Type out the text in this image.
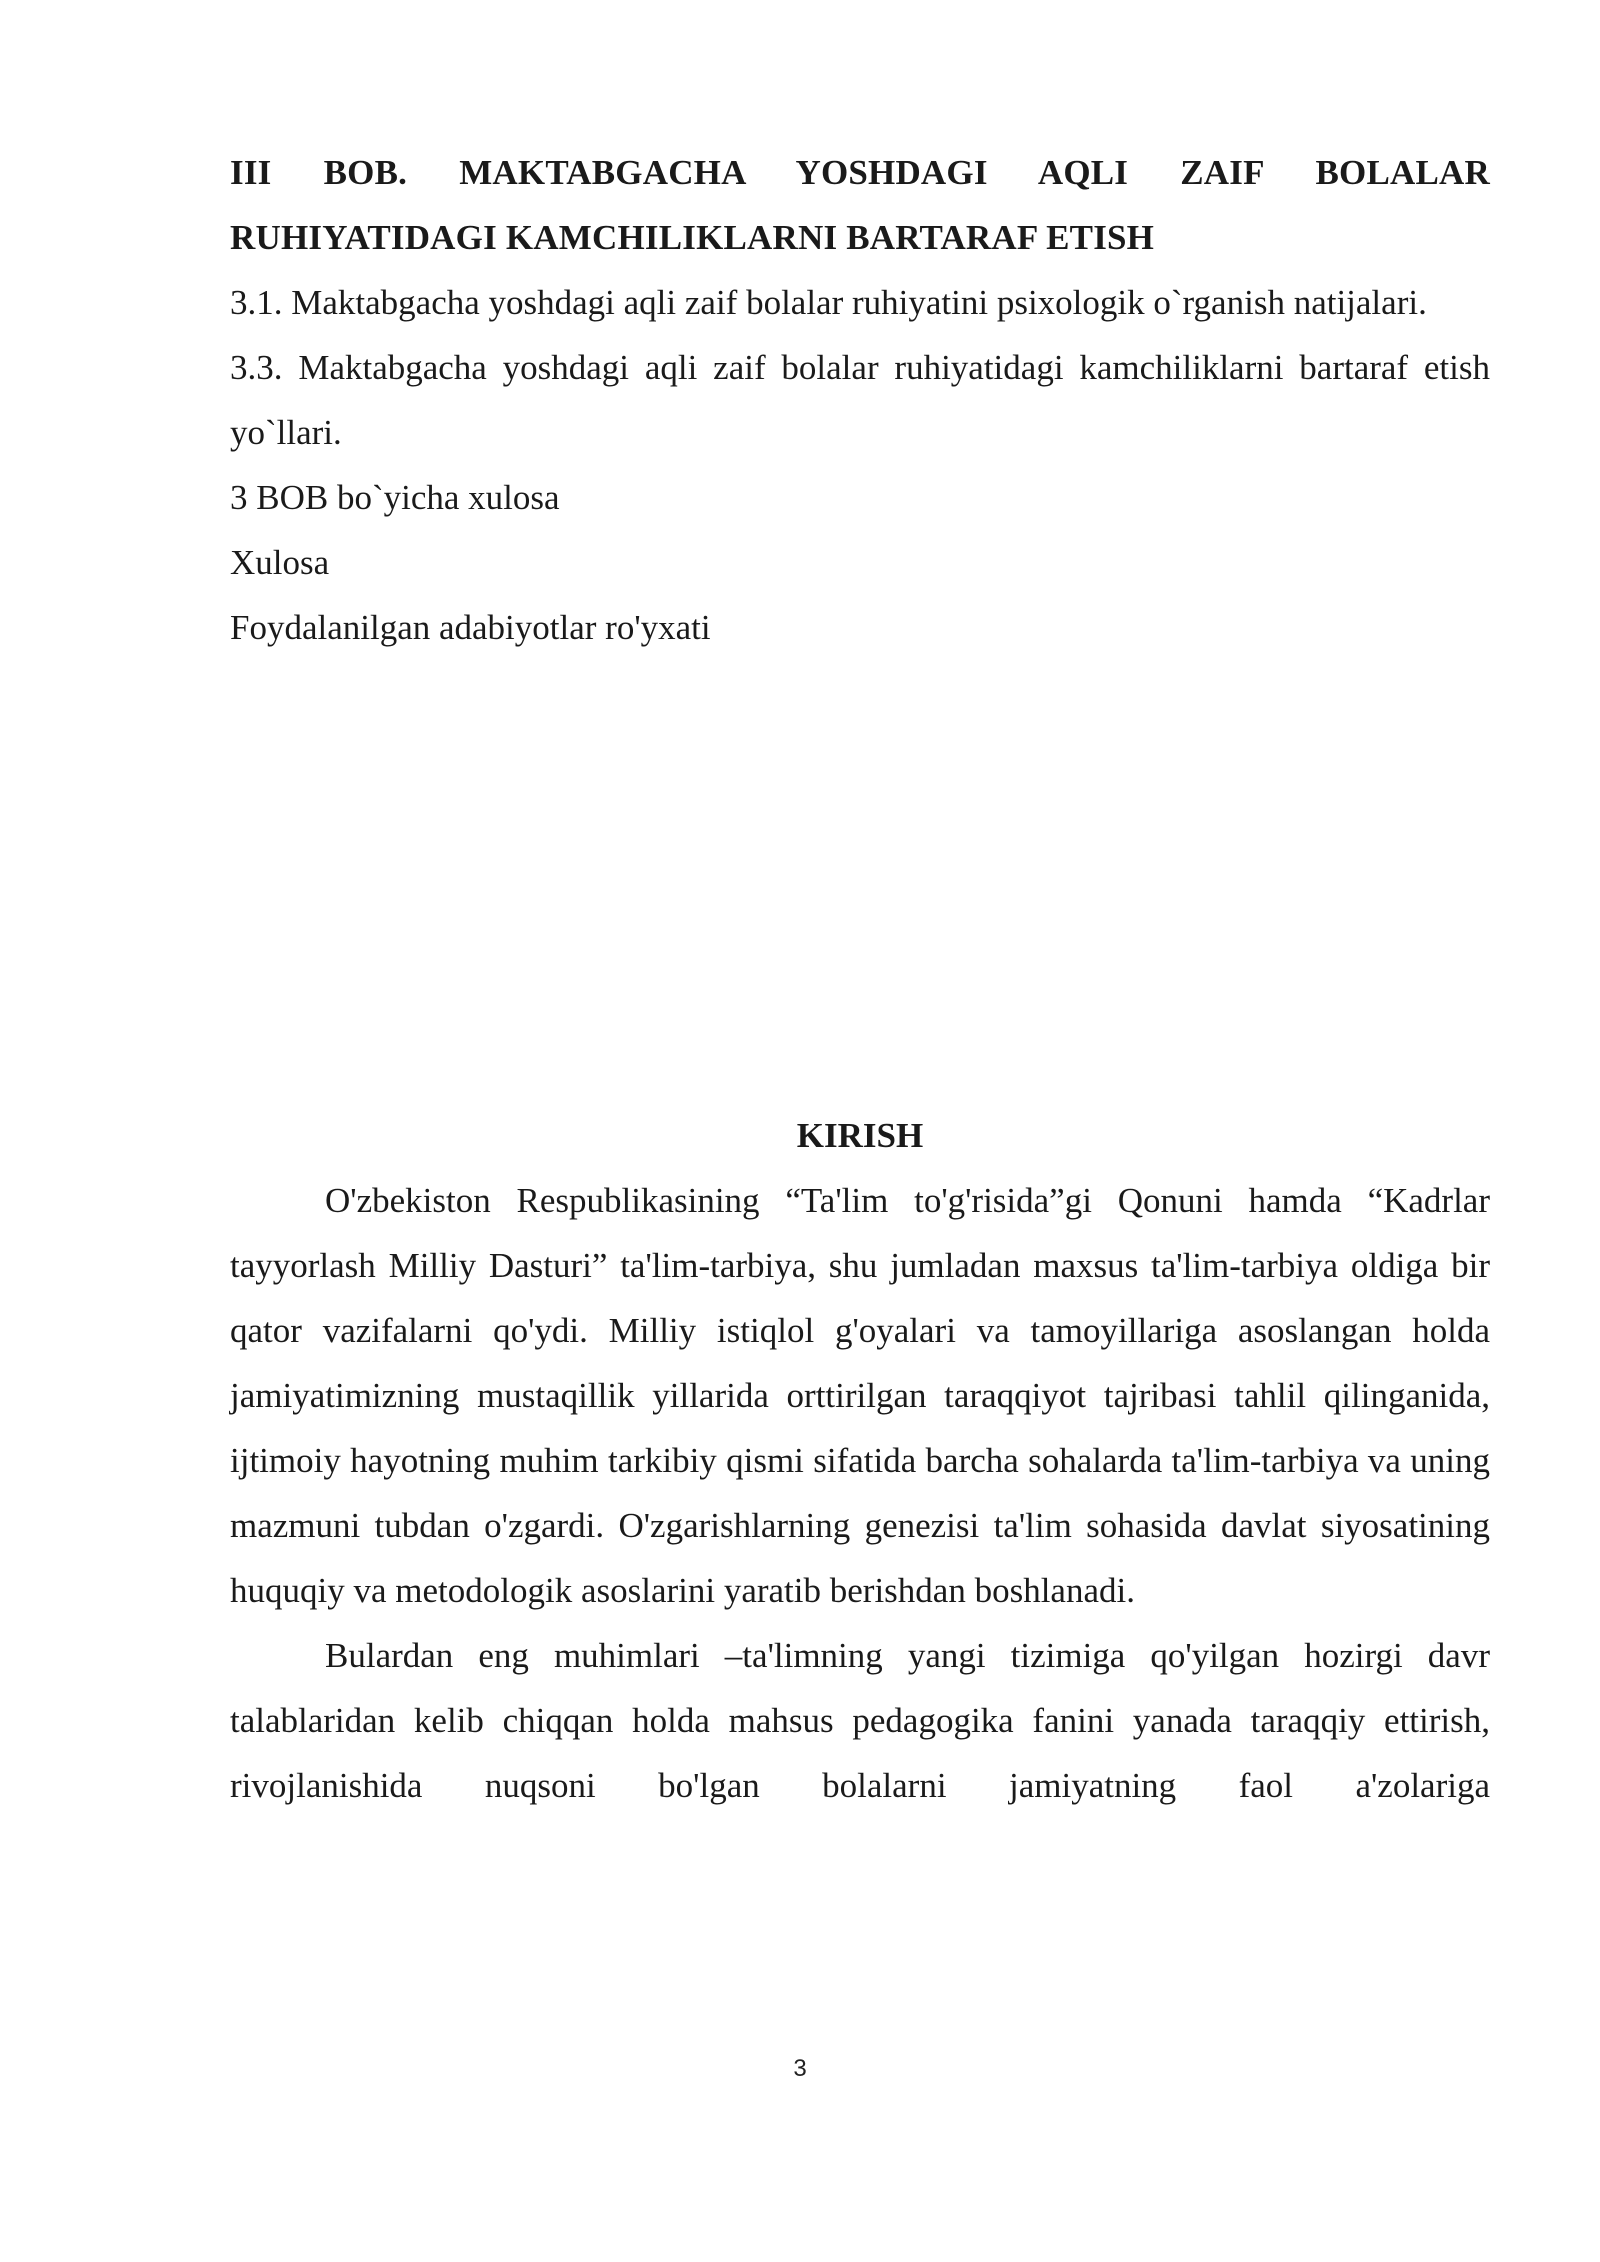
III BOB. MAKTABGACHA YOSHDAGI AQLI ZAIF BOLALAR RUHIYATIDAGI KAMCHILIKLARNI BARTARAF ETISH

3.1. Maktabgacha yoshdagi aqli zaif bolalar ruhiyatini psixologik o`rganish natijalari.

3.3. Maktabgacha yoshdagi aqli zaif bolalar ruhiyatidagi kamchiliklarni bartaraf etish yo`llari.

3 BOB bo`yicha xulosa

Xulosa

Foydalanilgan adabiyotlar ro'yxati

KIRISH

O'zbekiston Respublikasining “Ta'lim to'g'risida”gi Qonuni hamda “Kadrlar tayyorlash Milliy Dasturi” ta'lim-tarbiya, shu jumladan maxsus ta'lim-tarbiya oldiga bir qator vazifalarni qo'ydi. Milliy istiqlol g'oyalari va tamoyillariga asoslangan holda jamiyatimizning mustaqillik yillarida orttirilgan taraqqiyot tajribasi tahlil qilinganida, ijtimoiy hayotning muhim tarkibiy qismi sifatida barcha sohalarda ta'lim-tarbiya va uning mazmuni tubdan o'zgardi. O'zgarishlarning genezisi ta'lim sohasida davlat siyosatining huquqiy va metodologik asoslarini yaratib berishdan boshlanadi.

Bulardan eng muhimlari –ta'limning yangi tizimiga qo'yilgan hozirgi davr talablaridan kelib chiqqan holda mahsus pedagogika fanini yanada taraqqiy ettirish, rivojlanishida nuqsoni bo'lgan bolalarni jamiyatning faol a'zolariga

3
